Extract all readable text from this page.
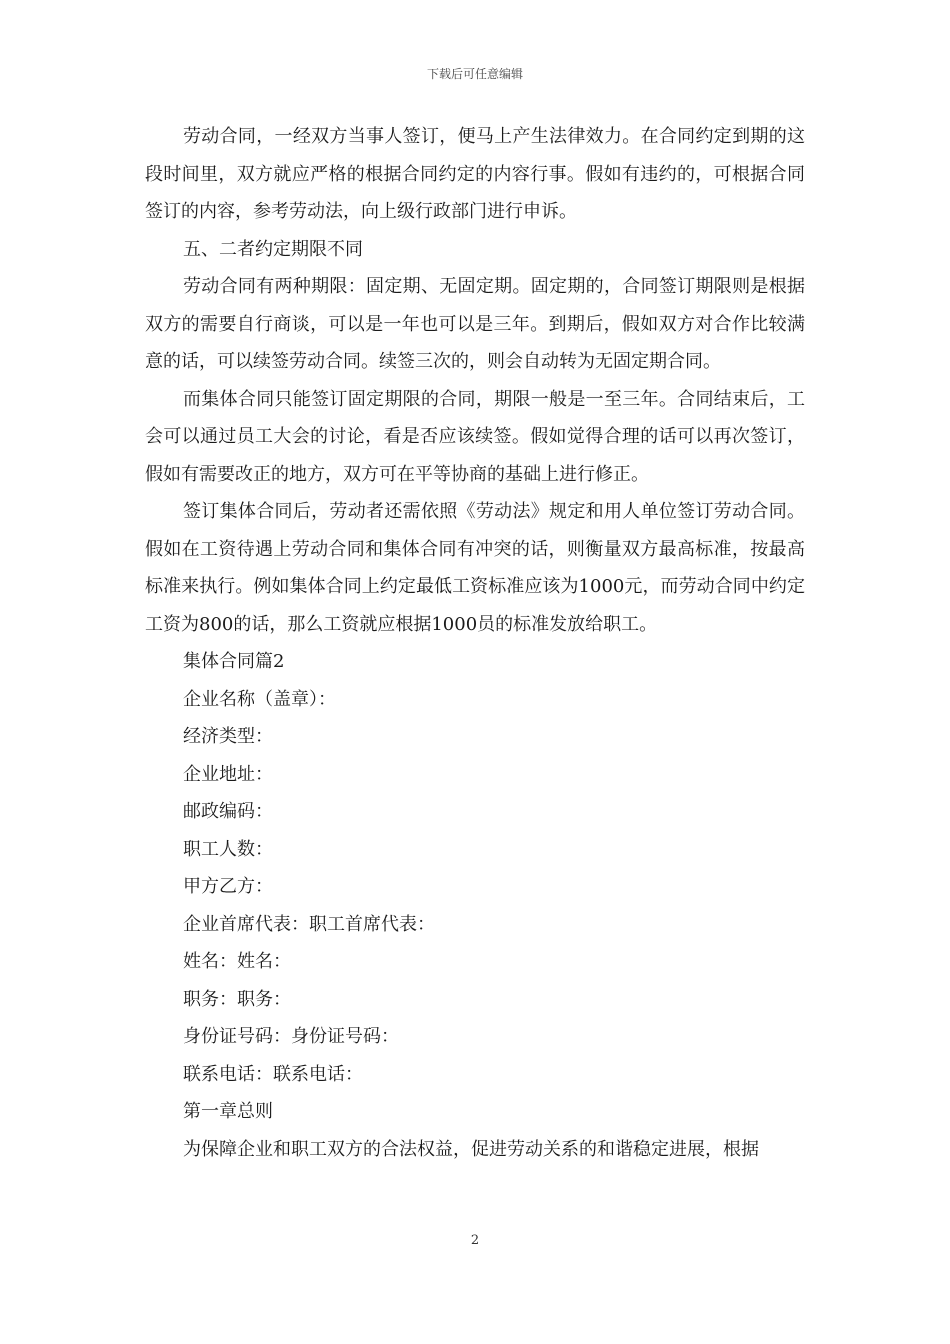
下载后可任意编辑

劳动合同，一经双方当事人签订，便马上产生法律效力。在合同约定到期的这段时间里，双方就应严格的根据合同约定的内容行事。假如有违约的，可根据合同签订的内容，参考劳动法，向上级行政部门进行申诉。

五、二者约定期限不同

劳动合同有两种期限：固定期、无固定期。固定期的，合同签订期限则是根据双方的需要自行商谈，可以是一年也可以是三年。到期后，假如双方对合作比较满意的话，可以续签劳动合同。续签三次的，则会自动转为无固定期合同。

而集体合同只能签订固定期限的合同，期限一般是一至三年。合同结束后，工会可以通过员工大会的讨论，看是否应该续签。假如觉得合理的话可以再次签订，假如有需要改正的地方，双方可在平等协商的基础上进行修正。

签订集体合同后，劳动者还需依照《劳动法》规定和用人单位签订劳动合同。假如在工资待遇上劳动合同和集体合同有冲突的话，则衡量双方最高标准，按最高标准来执行。例如集体合同上约定最低工资标准应该为1000元，而劳动合同中约定工资为800的话，那么工资就应根据1000员的标准发放给职工。

集体合同篇2

企业名称（盖章）：

经济类型：

企业地址：

邮政编码：

职工人数：

甲方乙方：

企业首席代表：职工首席代表：

姓名：姓名：

职务：职务：

身份证号码：身份证号码：

联系电话：联系电话：

第一章总则

为保障企业和职工双方的合法权益，促进劳动关系的和谐稳定进展，根据

2
